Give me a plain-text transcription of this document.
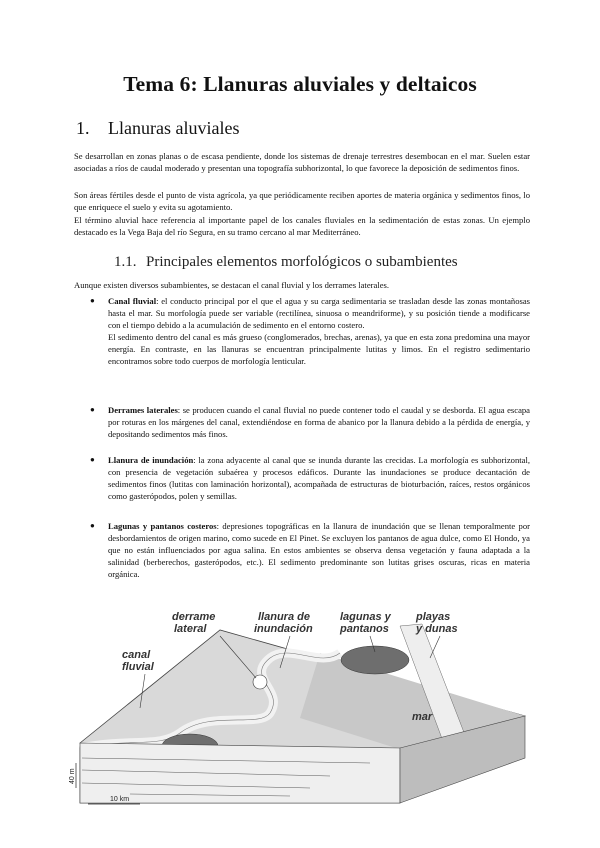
Tema 6: Llanuras aluviales y deltaicos
1. Llanuras aluviales

Se desarrollan en zonas planas o de escasa pendiente, donde los sistemas de drenaje terrestres desembocan en el mar. Suelen estar asociadas a ríos de caudal moderado y presentan una topografía subhorizontal, lo que favorece la deposición de sedimentos finos.

Son áreas fértiles desde el punto de vista agrícola, ya que periódicamente reciben aportes de materia orgánica y sedimentos finos, lo que enriquece el suelo y evita su agotamiento.

El término aluvial hace referencia al importante papel de los canales fluviales en la sedimentación de estas zonas. Un ejemplo destacado es la Vega Baja del río Segura, en su tramo cercano al mar Mediterráneo.

1.1. Principales elementos morfológicos o subambientes

Aunque existen diversos subambientes, se destacan el canal fluvial y los derrames laterales.

● Canal fluvial: el conducto principal por el que el agua y su carga sedimentaria se trasladan desde las zonas montañosas hasta el mar. Su morfología puede ser variable (rectilínea, sinuosa o meandriforme), y su posición tiende a modificarse con el tiempo debido a la acumulación de sedimento en el entorno costero.

El sedimento dentro del canal es más grueso (conglomerados, brechas, arenas), ya que en esta zona predomina una mayor energía. En contraste, en las llanuras se encuentran principalmente lutitas y limos. En el registro sedimentario encontramos sobre todo cuerpos de morfología lenticular.

● Derrames laterales: se producen cuando el canal fluvial no puede contener todo el caudal y se desborda. El agua escapa por roturas en los márgenes del canal, extendiéndose en forma de abanico por la llanura debido a la pérdida de energía, y depositando sedimentos más finos.

● Llanura de inundación: la zona adyacente al canal que se inunda durante las crecidas. La morfología es subhorizontal, con presencia de vegetación subaérea y procesos edáficos. Durante las inundaciones se produce decantación de sedimentos finos (lutitas con laminación horizontal), acompañada de estructuras de bioturbación, raíces, restos orgánicos como gasterópodos, polen y semillas.

● Lagunas y pantanos costeros: depresiones topográficas en la llanura de inundación que se llenan temporalmente por desbordamientos de origen marino, como sucede en El Pinet. Se excluyen los pantanos de agua dulce, como El Hondo, ya que no están influenciados por agua salina. En estos ambientes se observa densa vegetación y fauna adaptada a la salinidad (berberechos, gasterópodos, etc.). El sedimento predominante son lutitas grises oscuras, ricas en materia orgánica.

derrame
lateral
llanura de
inundación
lagunas y
pantanos
playas
y dunas
canal
fluvial
mar
40 m
10 km
